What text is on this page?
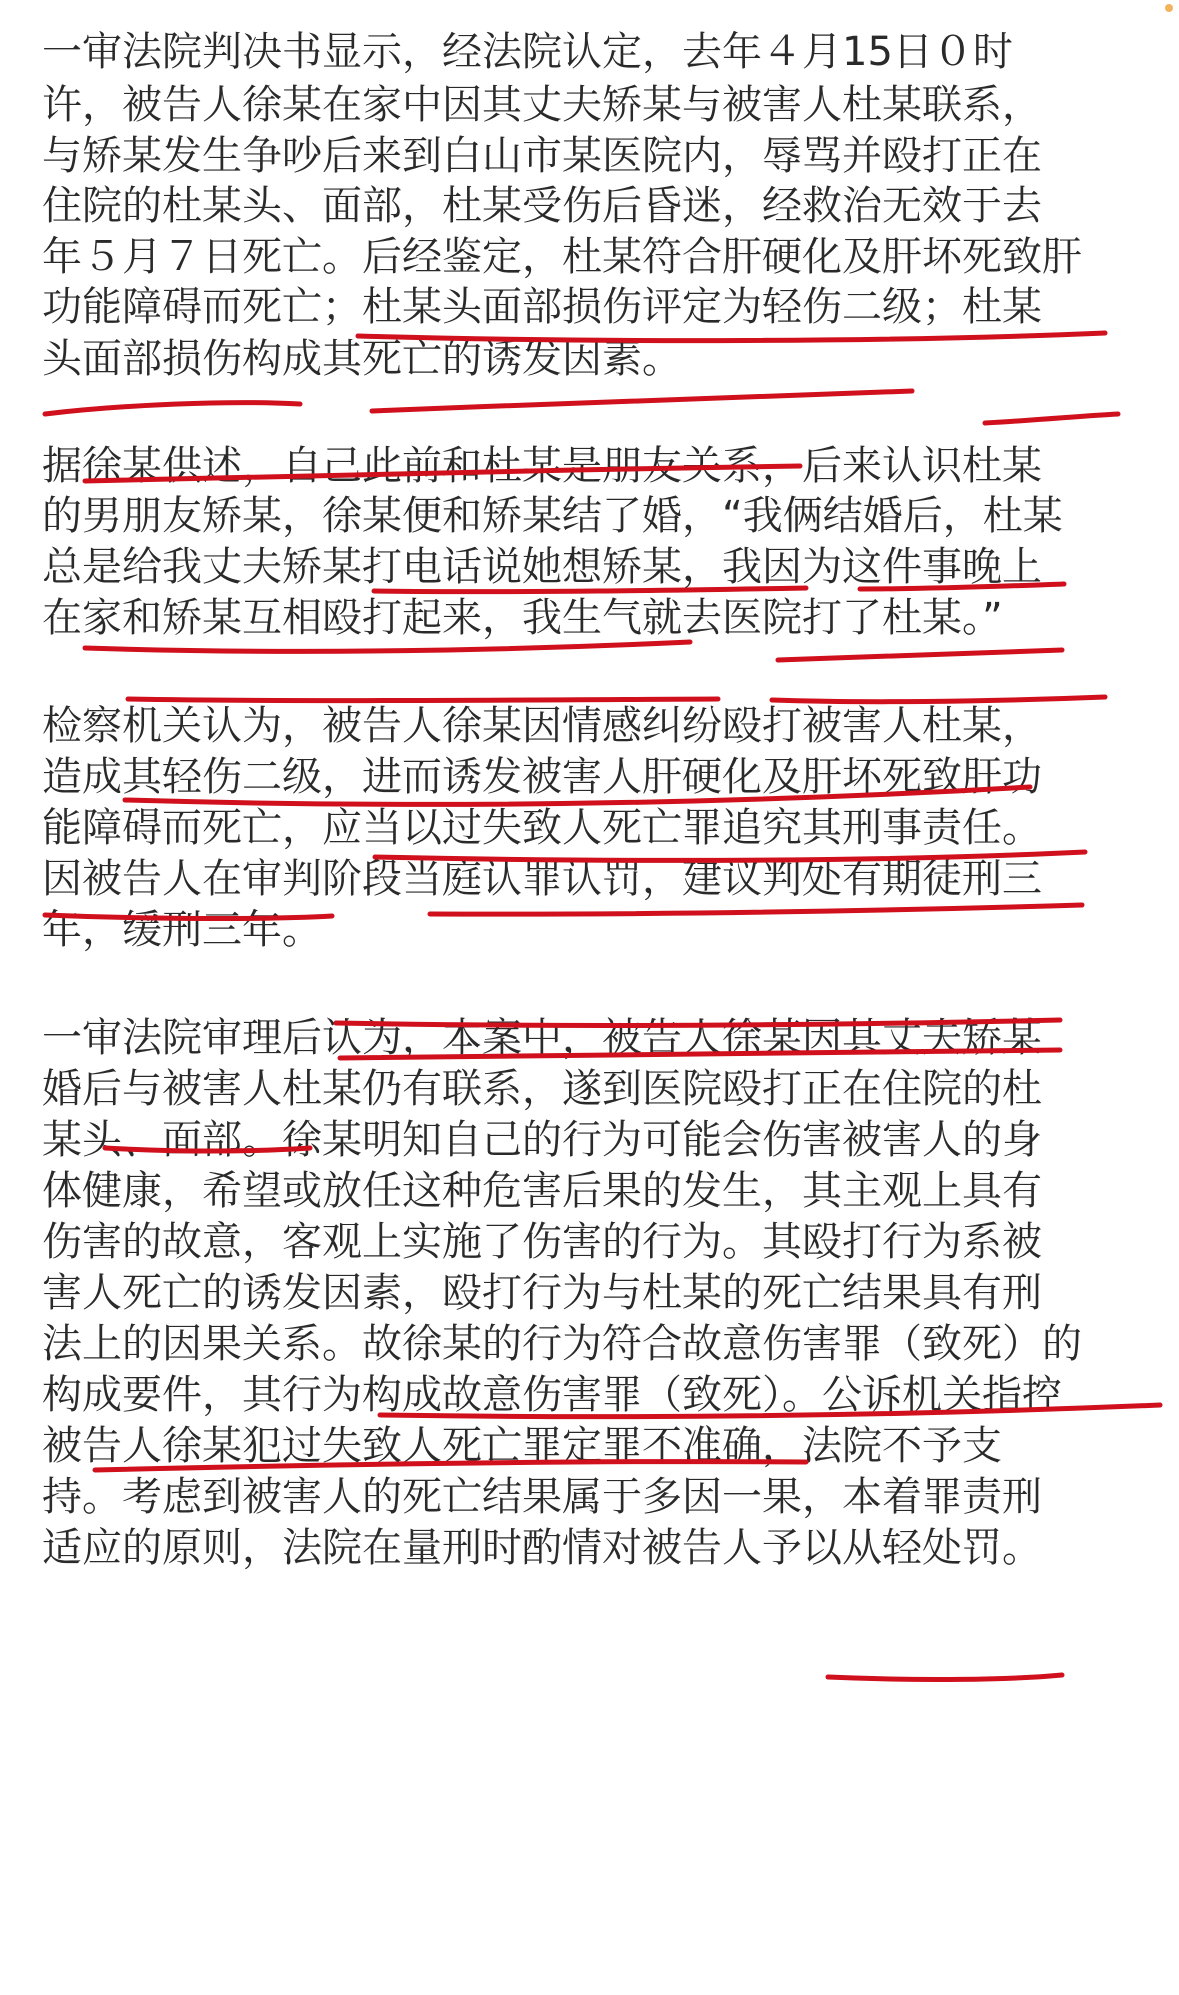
一审法院判决书显示，经法院认定，去年４月15日０时
许，被告人徐某在家中因其丈夫矫某与被害人杜某联系，
与矫某发生争吵后来到白山市某医院内，辱骂并殴打正在
住院的杜某头、面部，杜某受伤后昏迷，经救治无效于去
年５月７日死亡。后经鉴定，杜某符合肝硬化及肝坏死致肝
功能障碍而死亡；杜某头面部损伤评定为轻伤二级；杜某
头面部损伤构成其死亡的诱发因素。
据徐某供述，自己此前和杜某是朋友关系，后来认识杜某
的男朋友矫某，徐某便和矫某结了婚，“我俩结婚后，杜某
总是给我丈夫矫某打电话说她想矫某，我因为这件事晚上
在家和矫某互相殴打起来，我生气就去医院打了杜某。”
检察机关认为，被告人徐某因情感纠纷殴打被害人杜某，
造成其轻伤二级，进而诱发被害人肝硬化及肝坏死致肝功
能障碍而死亡，应当以过失致人死亡罪追究其刑事责任。
因被告人在审判阶段当庭认罪认罚，建议判处有期徒刑三
年，缓刑三年。
一审法院审理后认为，本案中，被告人徐某因其丈夫矫某
婚后与被害人杜某仍有联系，遂到医院殴打正在住院的杜
某头、面部。徐某明知自己的行为可能会伤害被害人的身
体健康，希望或放任这种危害后果的发生，其主观上具有
伤害的故意，客观上实施了伤害的行为。其殴打行为系被
害人死亡的诱发因素，殴打行为与杜某的死亡结果具有刑
法上的因果关系。故徐某的行为符合故意伤害罪（致死）的
构成要件，其行为构成故意伤害罪（致死）。公诉机关指控
被告人徐某犯过失致人死亡罪定罪不准确，法院不予支
持。考虑到被害人的死亡结果属于多因一果，本着罪责刑
适应的原则，法院在量刑时酌情对被告人予以从轻处罚。
